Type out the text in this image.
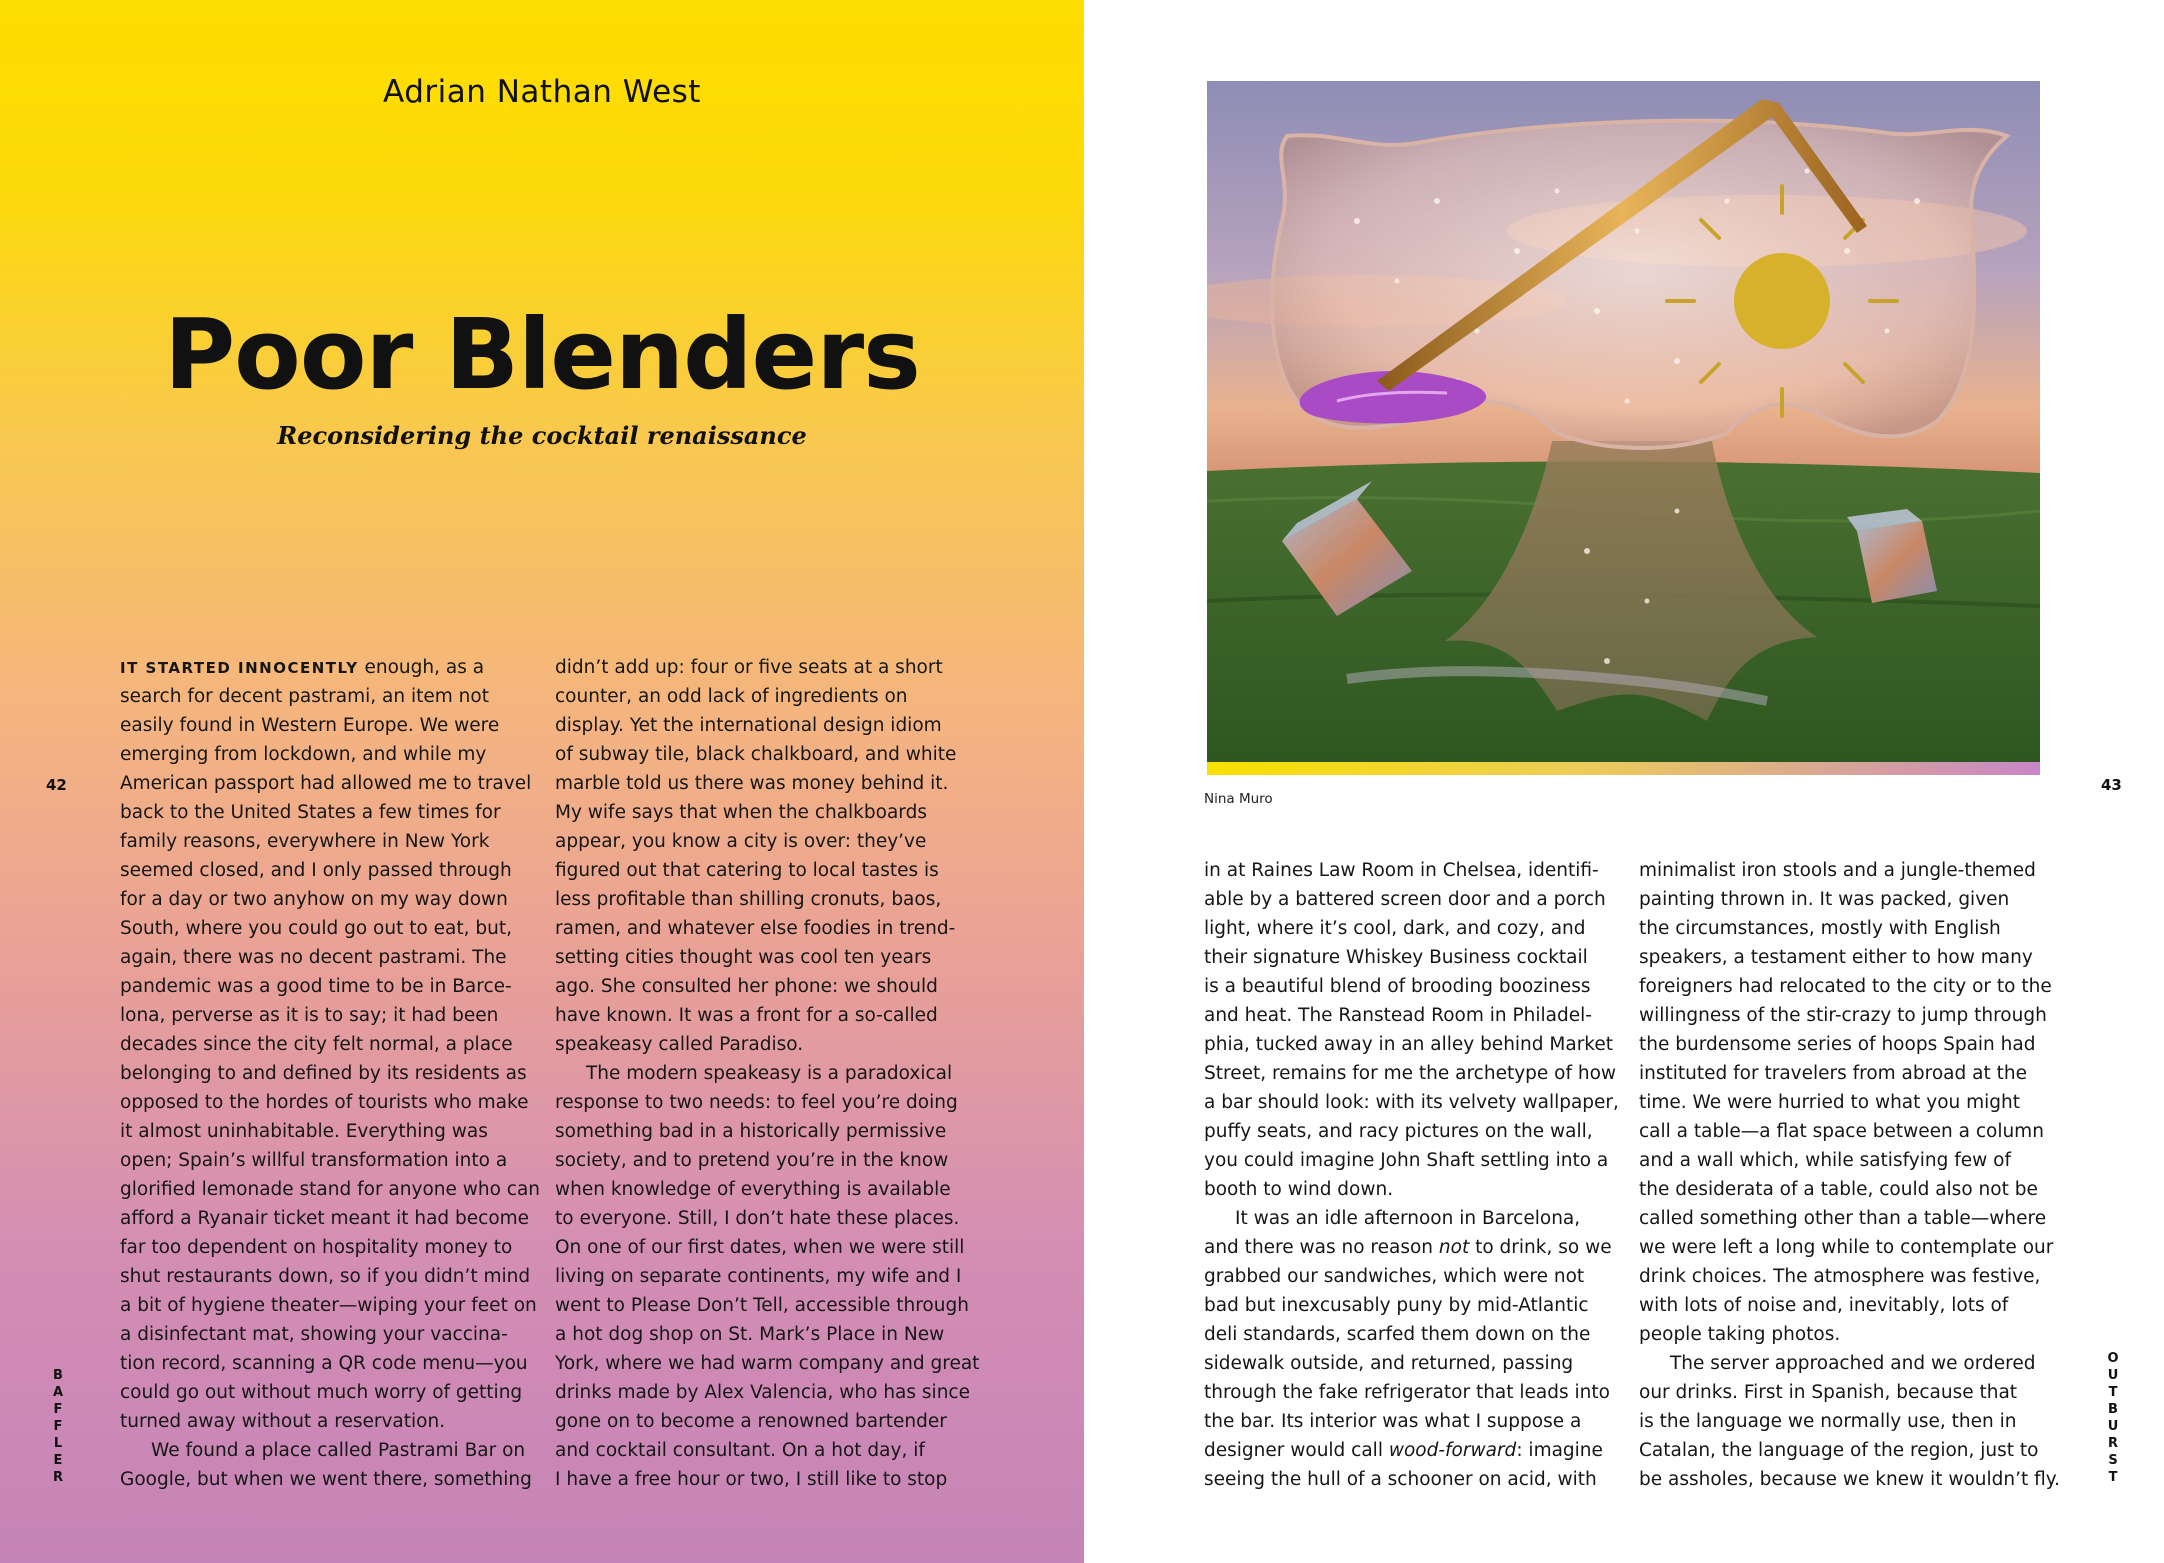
Adrian Nathan West
Poor Blenders
Reconsidering the cocktail renaissance
IT STARTED INNOCENTLY enough, as a
search for decent pastrami, an item not
easily found in Western Europe. We were
emerging from lockdown, and while my
American passport had allowed me to travel
back to the United States a few times for
family reasons, everywhere in New York
seemed closed, and I only passed through
for a day or two anyhow on my way down
South, where you could go out to eat, but,
again, there was no decent pastrami. The
pandemic was a good time to be in Barce-
lona, perverse as it is to say; it had been
decades since the city felt normal, a place
belonging to and defined by its residents as
opposed to the hordes of tourists who make
it almost uninhabitable. Everything was
open; Spain’s willful transformation into a
glorified lemonade stand for anyone who can
afford a Ryanair ticket meant it had become
far too dependent on hospitality money to
shut restaurants down, so if you didn’t mind
a bit of hygiene theater—wiping your feet on
a disinfectant mat, showing your vaccina-
tion record, scanning a QR code menu—you
could go out without much worry of getting
turned away without a reservation.
We found a place called Pastrami Bar on
Google, but when we went there, something
didn’t add up: four or five seats at a short
counter, an odd lack of ingredients on
display. Yet the international design idiom
of subway tile, black chalkboard, and white
marble told us there was money behind it.
My wife says that when the chalkboards
appear, you know a city is over: they’ve
figured out that catering to local tastes is
less profitable than shilling cronuts, baos,
ramen, and whatever else foodies in trend-
setting cities thought was cool ten years
ago. She consulted her phone: we should
have known. It was a front for a so-called
speakeasy called Paradiso.
The modern speakeasy is a paradoxical
response to two needs: to feel you’re doing
something bad in a historically permissive
society, and to pretend you’re in the know
when knowledge of everything is available
to everyone. Still, I don’t hate these places.
On one of our first dates, when we were still
living on separate continents, my wife and I
went to Please Don’t Tell, accessible through
a hot dog shop on St. Mark’s Place in New
York, where we had warm company and great
drinks made by Alex Valencia, who has since
gone on to become a renowned bartender
and cocktail consultant. On a hot day, if
I have a free hour or two, I still like to stop
in at Raines Law Room in Chelsea, identifi-
able by a battered screen door and a porch
light, where it’s cool, dark, and cozy, and
their signature Whiskey Business cocktail
is a beautiful blend of brooding booziness
and heat. The Ranstead Room in Philadel-
phia, tucked away in an alley behind Market
Street, remains for me the archetype of how
a bar should look: with its velvety wallpaper,
puffy seats, and racy pictures on the wall,
you could imagine John Shaft settling into a
booth to wind down.
It was an idle afternoon in Barcelona,
and there was no reason not to drink, so we
grabbed our sandwiches, which were not
bad but inexcusably puny by mid-Atlantic
deli standards, scarfed them down on the
sidewalk outside, and returned, passing
through the fake refrigerator that leads into
the bar. Its interior was what I suppose a
designer would call wood-forward: imagine
seeing the hull of a schooner on acid, with
minimalist iron stools and a jungle-themed
painting thrown in. It was packed, given
the circumstances, mostly with English
speakers, a testament either to how many
foreigners had relocated to the city or to the
willingness of the stir-crazy to jump through
the burdensome series of hoops Spain had
instituted for travelers from abroad at the
time. We were hurried to what you might
call a table—a flat space between a column
and a wall which, while satisfying few of
the desiderata of a table, could also not be
called something other than a table—where
we were left a long while to contemplate our
drink choices. The atmosphere was festive,
with lots of noise and, inevitably, lots of
people taking photos.
The server approached and we ordered
our drinks. First in Spanish, because that
is the language we normally use, then in
Catalan, the language of the region, just to
be assholes, because we knew it wouldn’t fly.
42	43
B
A
F
F
L
E
R
O
U
T
B
U
R
S
T
Nina Muro
